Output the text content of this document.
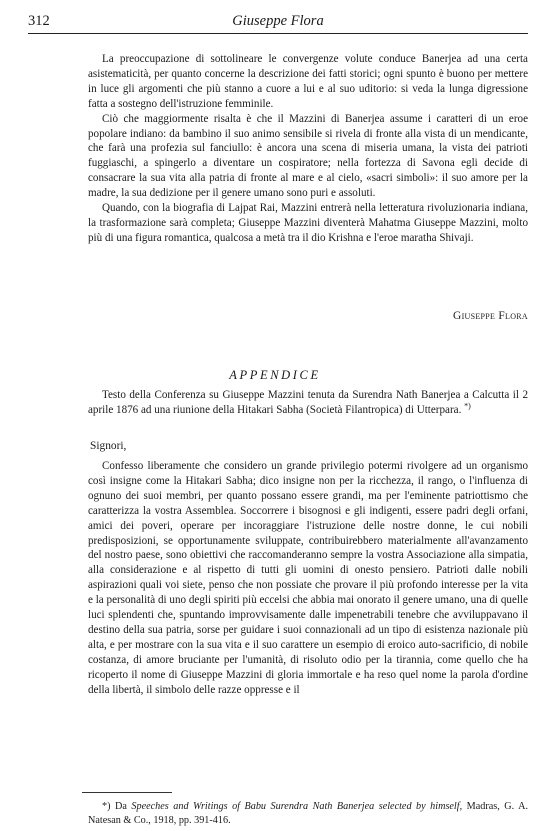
312	Giuseppe Flora

La preoccupazione di sottolineare le convergenze volute conduce Banerjea ad una certa asistematicità, per quanto concerne la descrizione dei fatti storici; ogni spunto è buono per mettere in luce gli argomenti che più stanno a cuore a lui e al suo uditorio: si veda la lunga digressione fatta a sostegno dell'istruzione femminile.

Ciò che maggiormente risalta è che il Mazzini di Banerjea assume i caratteri di un eroe popolare indiano: da bambino il suo animo sensibile si rivela di fronte alla vista di un mendicante, che farà una profezia sul fanciullo: è ancora una scena di miseria umana, la vista dei patrioti fuggiaschi, a spingerlo a diventare un cospiratore; nella fortezza di Savona egli decide di consacrare la sua vita alla patria di fronte al mare e al cielo, «sacri simboli»: il suo amore per la madre, la sua dedizione per il genere umano sono puri e assoluti.

Quando, con la biografia di Lajpat Rai, Mazzini entrerà nella letteratura rivoluzionaria indiana, la trasformazione sarà completa; Giuseppe Mazzini diventerà Mahatma Giuseppe Mazzini, molto più di una figura romantica, qualcosa a metà tra il dio Krishna e l'eroe maratha Shivaji.

Giuseppe Flora
APPENDICE

Testo della Conferenza su Giuseppe Mazzini tenuta da Surendra Nath Banerjea a Calcutta il 2 aprile 1876 ad una riunione della Hitakari Sabha (Società Filantropica) di Utterpara. *)

Signori,

Confesso liberamente che considero un grande privilegio potermi rivolgere ad un organismo così insigne come la Hitakari Sabha; dico insigne non per la ricchezza, il rango, o l'influenza di ognuno dei suoi membri, per quanto possano essere grandi, ma per l'eminente patriottismo che caratterizza la vostra Assemblea. Soccorrere i bisognosi e gli indigenti, essere padri degli orfani, amici dei poveri, operare per incoraggiare l'istruzione delle nostre donne, le cui nobili predisposizioni, se opportunamente sviluppate, contribuirebbero materialmente all'avanzamento del nostro paese, sono obiettivi che raccomanderanno sempre la vostra Associazione alla simpatia, alla considerazione e al rispetto di tutti gli uomini di onesto pensiero. Patrioti dalle nobili aspirazioni quali voi siete, penso che non possiate che provare il più profondo interesse per la vita e la personalità di uno degli spiriti più eccelsi che abbia mai onorato il genere umano, una di quelle luci splendenti che, spuntando improvvisamente dalle impenetrabili tenebre che avviluppavano il destino della sua patria, sorse per guidare i suoi connazionali ad un tipo di esistenza nazionale più alta, e per mostrare con la sua vita e il suo carattere un esempio di eroico auto-sacrificio, di nobile costanza, di amore bruciante per l'umanità, di risoluto odio per la tirannia, come quello che ha ricoperto il nome di Giuseppe Mazzini di gloria immortale e ha reso quel nome la parola d'ordine della libertà, il simbolo delle razze oppresse e il

*) Da Speeches and Writings of Babu Surendra Nath Banerjea selected by himself, Madras, G. A. Natesan & Co., 1918, pp. 391-416.
